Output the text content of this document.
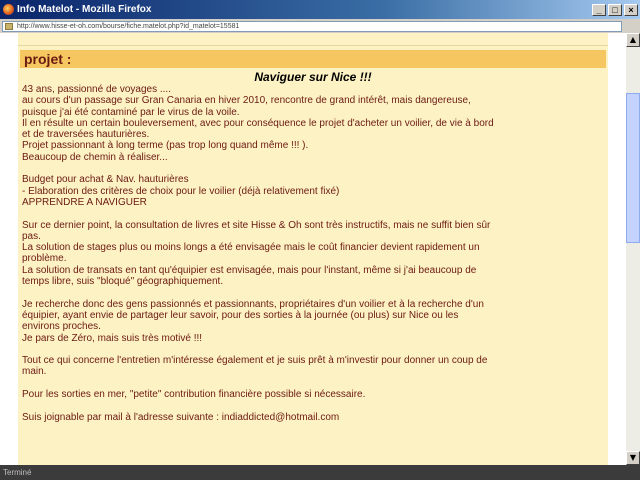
Info Matelot - Mozilla Firefox	_	□	×
http://www.hisse-et-oh.com/bourse/fiche.matelot.php?id_matelot=15581
projet :
Naviguer sur Nice !!!

43 ans, passionné de voyages ....

au cours d'un passage sur Gran Canaria en hiver 2010, rencontre de grand intérêt, mais dangereuse,

puisque j'ai été contaminé par le virus de la voile.

Il en résulte un certain bouleversement, avec pour conséquence le projet d'acheter un voilier, de vie à bord

et de traversées hauturières.

Projet passionnant à long terme (pas trop long quand même !!! ).

Beaucoup de chemin à réaliser...

Budget pour achat & Nav. hauturières

- Elaboration des critères de choix pour le voilier (déjà relativement fixé)

APPRENDRE A NAVIGUER

Sur ce dernier point, la consultation de livres et site Hisse & Oh sont très instructifs, mais ne suffit bien sûr

pas.

La solution de stages plus ou moins longs a été envisagée mais le coût financier devient rapidement un

problème.

La solution de transats en tant qu'équipier est envisagée, mais pour l'instant, même si j'ai beaucoup de

temps libre, suis "bloqué" géographiquement.

Je recherche donc des gens passionnés et passionnants, propriétaires d'un voilier et à la recherche d'un

équipier, ayant envie de partager leur savoir, pour des sorties à la journée (ou plus) sur Nice ou les

environs proches.

Je pars de Zéro, mais suis très motivé !!!

Tout ce qui concerne l'entretien m'intéresse également et je suis prêt à m'investir pour donner un coup de

main.

Pour les sorties en mer, "petite" contribution financière possible si nécessaire.

Suis joignable par mail à l'adresse suivante : indiaddicted@hotmail.com

▲
▼
Terminé
